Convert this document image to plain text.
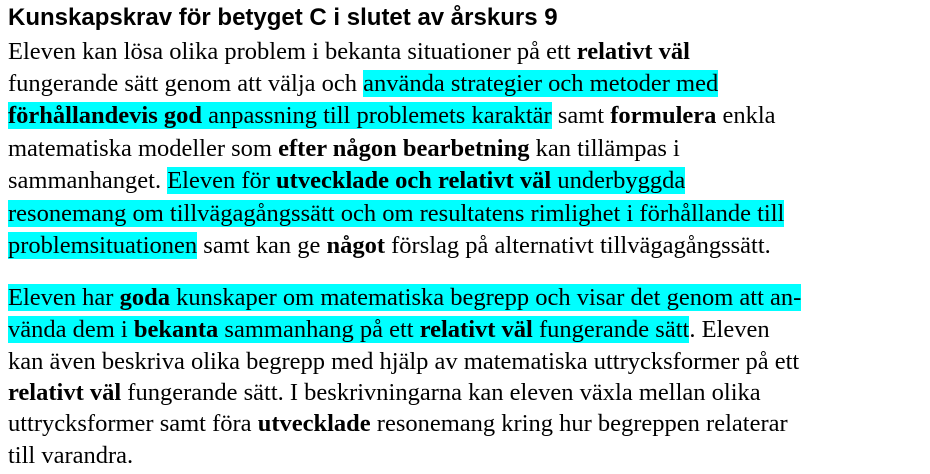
Kunskapskrav för betyget C i slutet av årskurs 9
Eleven kan lösa olika problem i bekanta situationer på ett relativt väl
fungerande sätt genom att välja och använda strategier och metoder med
förhållandevis god anpassning till problemets karaktär samt formulera enkla
matematiska modeller som efter någon bearbetning kan tillämpas i
sammanhanget. Eleven för utvecklade och relativt väl underbyggda
resonemang om tillvägagångssätt och om resultatens rimlighet i förhållande till
problemsituationen samt kan ge något förslag på alternativt tillvägagångssätt.
Eleven har goda kunskaper om matematiska begrepp och visar det genom att an-
vända dem i bekanta sammanhang på ett relativt väl fungerande sätt. Eleven
kan även beskriva olika begrepp med hjälp av matematiska uttrycksformer på ett
relativt väl fungerande sätt. I beskrivningarna kan eleven växla mellan olika
uttrycksformer samt föra utvecklade resonemang kring hur begreppen relaterar
till varandra.
